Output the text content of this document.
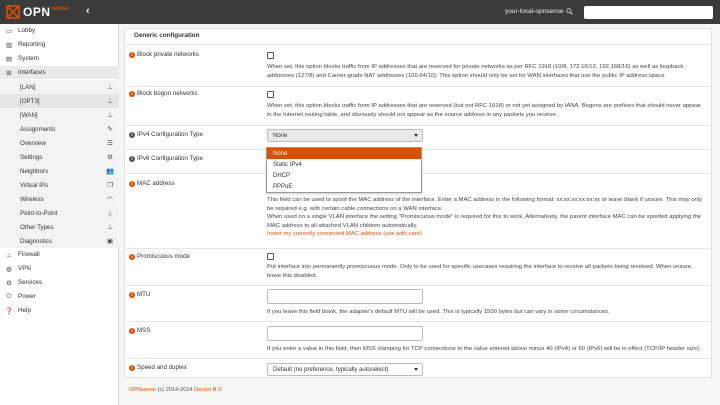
OPN sense ‹	your-local-opnsense
▭ Lobby
▥ Reporting
▤ System
⊞ Interfaces
[LAN]	⊥
[OPT3]	⊥
[WAN]	⊥
Assignments	✎
Overview	☰
Settings	⚙
Neighbors	👥
Virtual IPs	❐
Wireless	◠
Point-to-Point	⏚
Other Types	⊥
Diagnostics	▣
♨ Firewall
◍ VPN
⚙ Services
⏻ Power
❓ Help
Generic configuration
i Block private networks
When set, this option blocks traffic from IP addresses that are reserved for private networks as per RFC 1918 (10/8, 172.16/12, 192.168/16) as well as loopback addresses (127/8) and Carrier-grade NAT addresses (100.64/10). This option should only be set for WAN interfaces that use the public IP address space.
i Block bogon networks
When set, this option blocks traffic from IP addresses that are reserved (but not RFC 1918) or not yet assigned by IANA. Bogons are prefixes that should never appear in the Internet routing table, and obviously should not appear as the source address in any packets you receive.
i IPv4 Configuration Type	None
i IPv6 Configuration Type
i MAC address
This field can be used to spoof the MAC address of the interface. Enter a MAC address in the following format: xx:xx:xx:xx:xx:xx or leave blank if unsure. This may only be required e.g. with certain cable connections on a WAN interface.
When used on a single VLAN interface the setting "Promiscuous mode" is required for this to work. Alternatively, the parent interface MAC can be spoofed applying the MAC address to all attached VLAN children automatically.
Insert my currently connected MAC address (use with care)
i Promiscuous mode
Put interface into permanently promiscuous mode. Only to be used for specific usecases requiring the interface to receive all packets being received. When unsure, leave this disabled.
i MTU
If you leave this field blank, the adapter's default MTU will be used. This is typically 1500 bytes but can vary in some circumstances.
i MSS
If you enter a value in this field, then MSS clamping for TCP connections to the value entered above minus 40 (IPv4) or 60 (IPv6) will be in effect (TCP/IP header size).
i Speed and duplex	Default (no preference, typically autoselect)
None
Static IPv4
DHCP
PPPoE
OPNsense (c) 2014-2024 Deciso B.V.
